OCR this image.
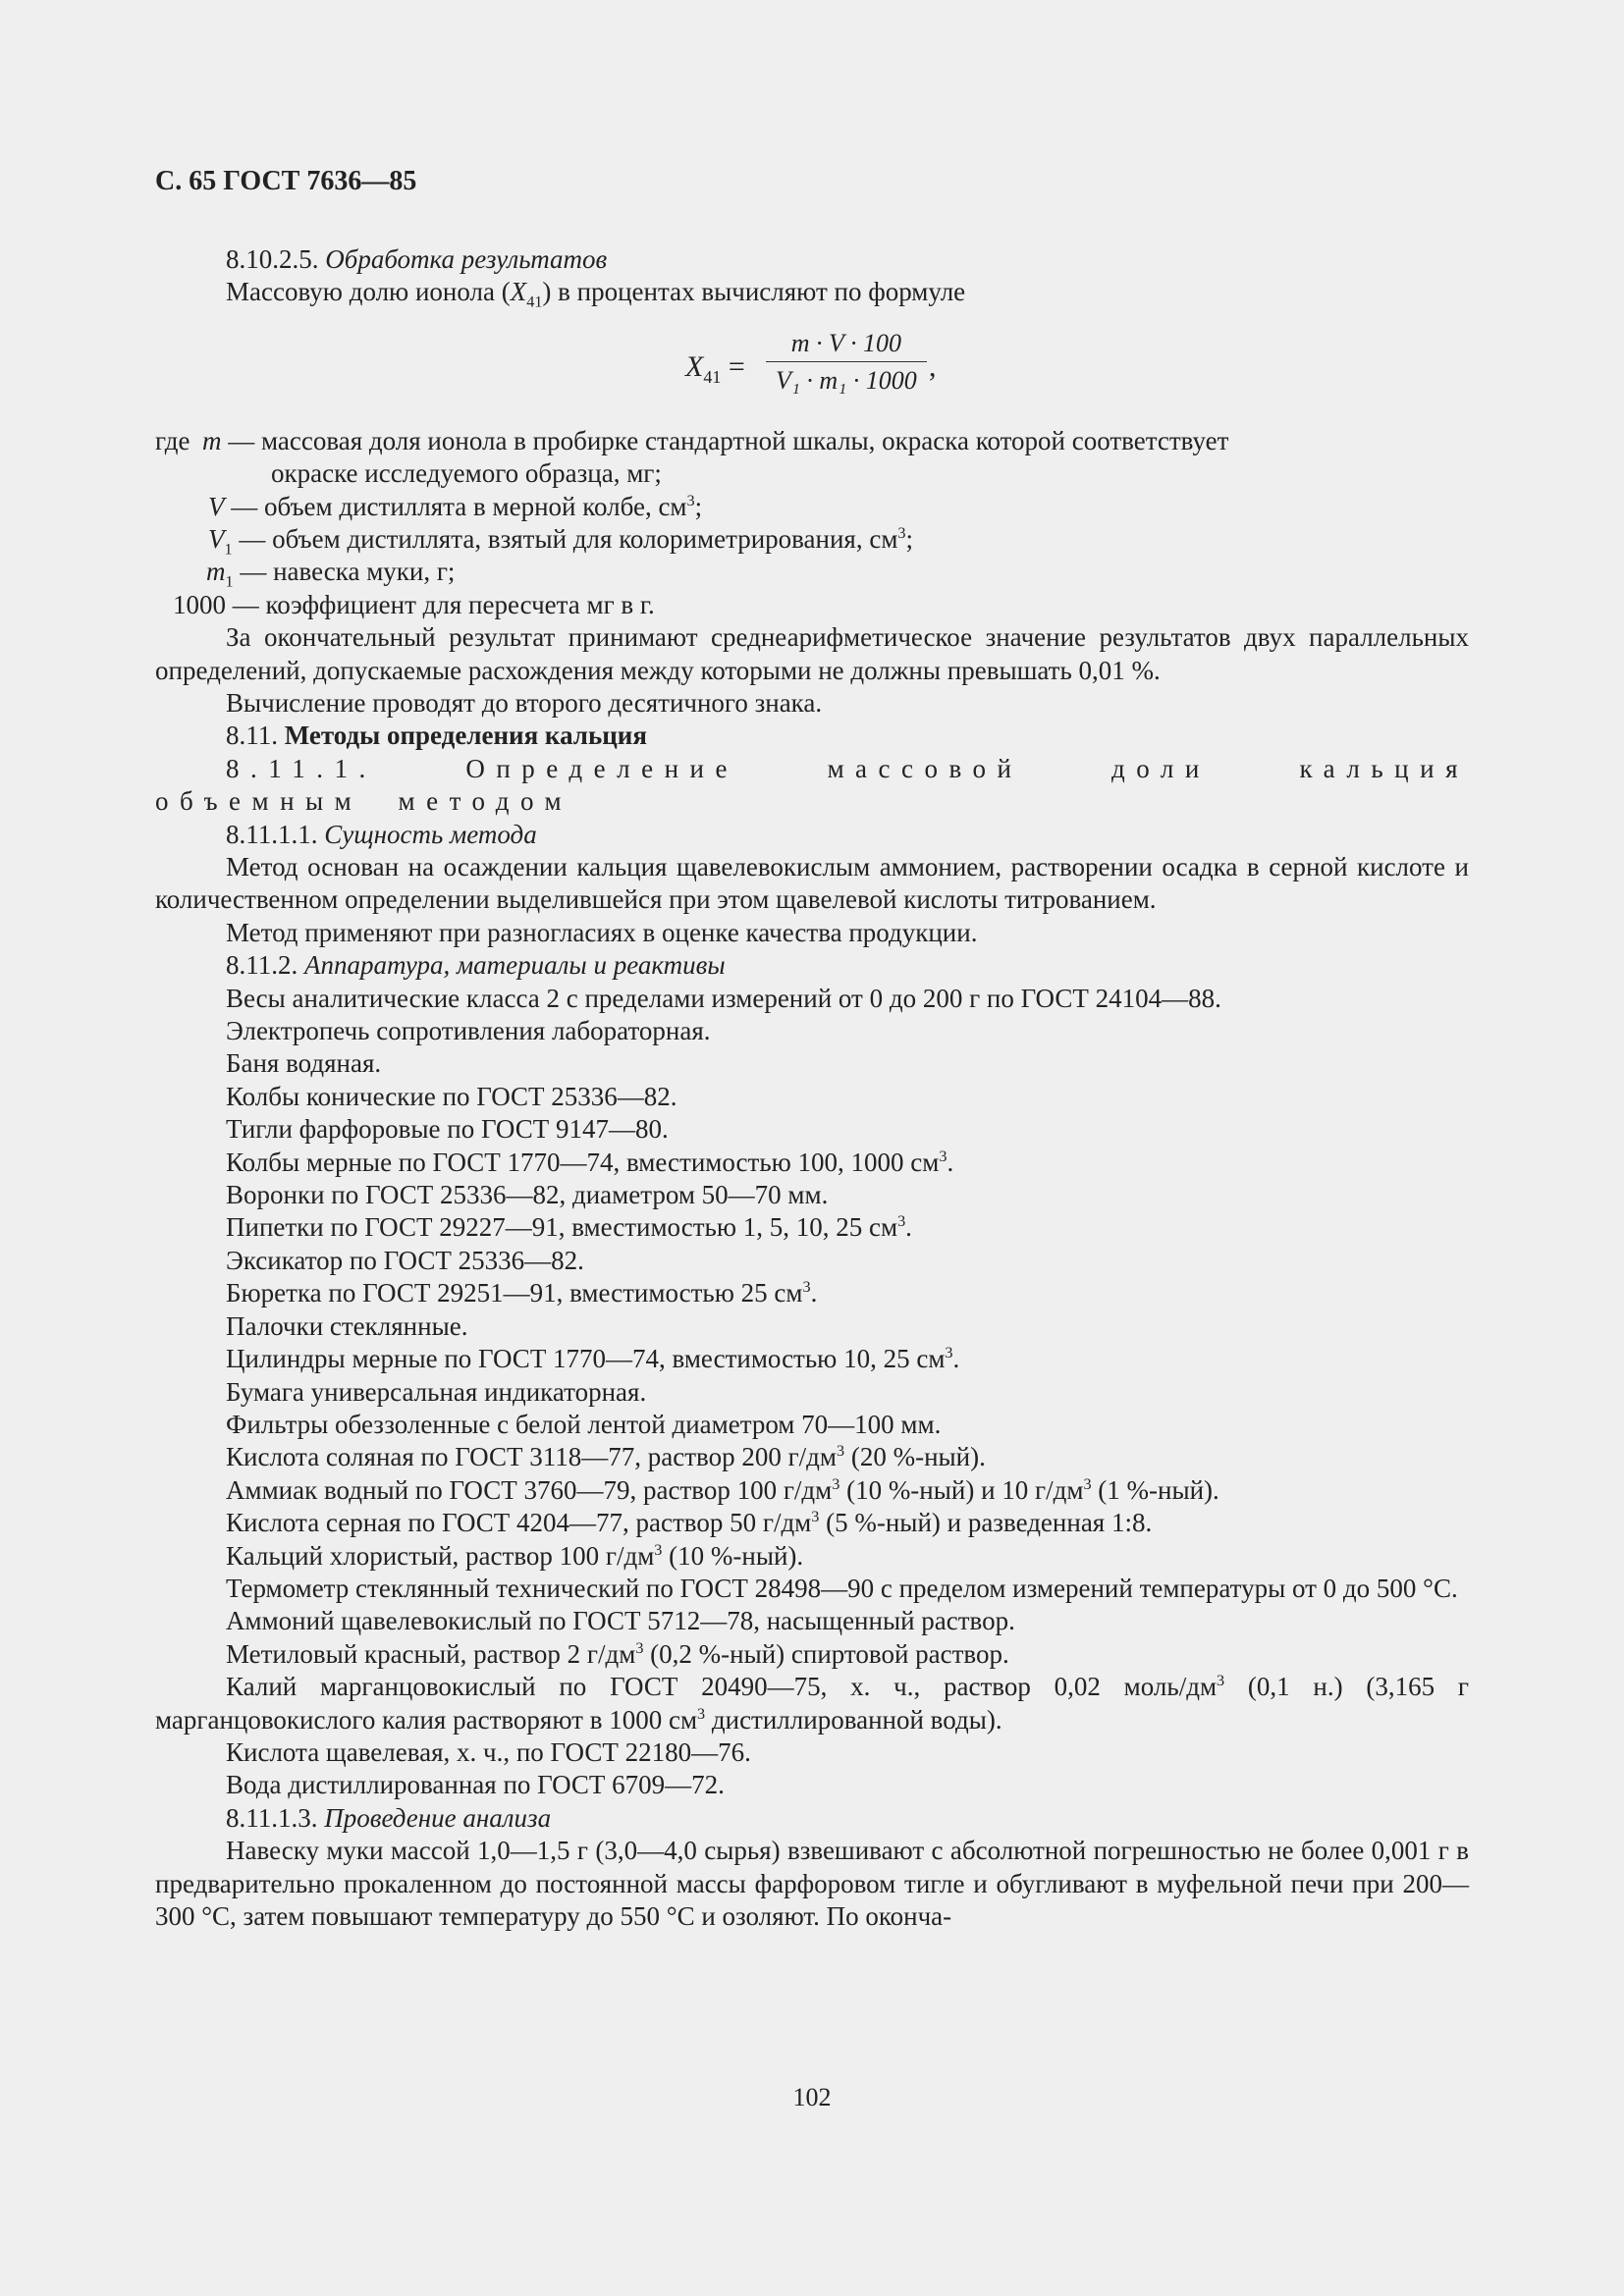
С. 65 ГОСТ 7636—85
8.10.2.5. Обработка результатов
Массовую долю ионола $(X_{41})$ в процентах вычисляют по формуле
$X_{41}$ =
m · V · 100
V₁ · m₁ · 1000 ,
где m — массовая доля ионола в пробирке стандартной шкалы, окраска которой соответствует
окраске исследуемого образца, мг;
V — объем дистиллята в мерной колбе, $см^3$;
$V_1$ — объем дистиллята, взятый для колориметрирования, $см^3$;
$m_1$ — навеска муки, г;
1000 — коэффициент для пересчета мг в г.
За окончательный результат принимают среднеарифметическое значение результатов двух параллельных определений, допускаемые расхождения между которыми не должны превышать 0,01 %.
Вычисление проводят до второго десятичного знака.
8.11. Методы определения кальция
8.11.1. Определение массовой доли кальция объемным методом
8.11.1.1. Сущность метода
Метод основан на осаждении кальция щавелевокислым аммонием, растворении осадка в серной кислоте и количественном определении выделившейся при этом щавелевой кислоты титрованием.
Метод применяют при разногласиях в оценке качества продукции.
8.11.2. Аппаратура, материалы и реактивы
Весы аналитические класса 2 с пределами измерений от 0 до 200 г по ГОСТ 24104—88.
Электропечь сопротивления лабораторная.
Баня водяная.
Колбы конические по ГОСТ 25336—82.
Тигли фарфоровые по ГОСТ 9147—80.
Колбы мерные по ГОСТ 1770—74, вместимостью 100, 1000 $см^3$.
Воронки по ГОСТ 25336—82, диаметром 50—70 мм.
Пипетки по ГОСТ 29227—91, вместимостью 1, 5, 10, 25 $см^3$.
Эксикатор по ГОСТ 25336—82.
Бюретка по ГОСТ 29251—91, вместимостью 25 $см^3$.
Палочки стеклянные.
Цилиндры мерные по ГОСТ 1770—74, вместимостью 10, 25 $см^3$.
Бумага универсальная индикаторная.
Фильтры обеззоленные с белой лентой диаметром 70—100 мм.
Кислота соляная по ГОСТ 3118—77, раствор 200 $г/дм^3$ (20 %-ный).
Аммиак водный по ГОСТ 3760—79, раствор 100 $г/дм^3$ (10 %-ный) и 10 $г/дм^3$ (1 %-ный).
Кислота серная по ГОСТ 4204—77, раствор 50 $г/дм^3$ (5 %-ный) и разведенная 1:8.
Кальций хлористый, раствор 100 $г/дм^3$ (10 %-ный).
Термометр стеклянный технический по ГОСТ 28498—90 с пределом измерений температуры от 0 до 500 °С.
Аммоний щавелевокислый по ГОСТ 5712—78, насыщенный раствор.
Метиловый красный, раствор 2 $г/дм^3$ (0,2 %-ный) спиртовой раствор.
Калий марганцовокислый по ГОСТ 20490—75, х. ч., раствор 0,02 моль/$дм^3$ (0,1 н.) (3,165 г марганцовокислого калия растворяют в 1000 $см^3$ дистиллированной воды).
Кислота щавелевая, х. ч., по ГОСТ 22180—76.
Вода дистиллированная по ГОСТ 6709—72.
8.11.1.3. Проведение анализа
Навеску муки массой 1,0—1,5 г (3,0—4,0 сырья) взвешивают с абсолютной погрешностью не более 0,001 г в предварительно прокаленном до постоянной массы фарфоровом тигле и обугливают в муфельной печи при 200—300 °С, затем повышают температуру до 550 °С и озоляют. По оконча-
102
